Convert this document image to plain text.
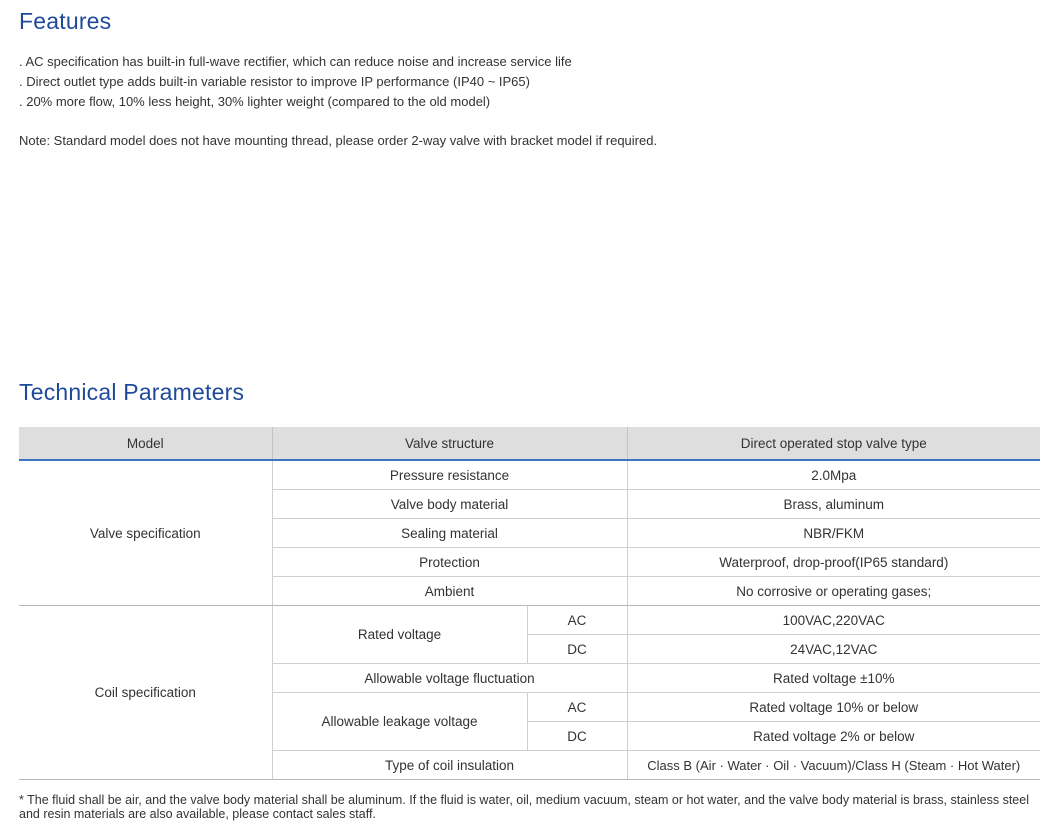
Features
. AC specification has built-in full-wave rectifier, which can reduce noise and increase service life
. Direct outlet type adds built-in variable resistor to improve IP performance (IP40 ~ IP65)
. 20% more flow, 10% less height, 30% lighter weight (compared to the old model)

Note: Standard model does not have mounting thread, please order 2-way valve with bracket model if required.

Technical Parameters
Model	Valve structure		Direct operated stop valve type
Valve specification	Pressure resistance		2.0Mpa
	Valve body material		Brass, aluminum
	Sealing material		NBR/FKM
	Protection		Waterproof, drop-proof(IP65 standard)
	Ambient		No corrosive or operating gases;
Coil specification	Rated voltage	AC	100VAC,220VAC
		DC	24VAC,12VAC
	Allowable voltage fluctuation		Rated voltage ±10%
	Allowable leakage voltage	AC	Rated voltage 10% or below
		DC	Rated voltage 2% or below
	Type of coil insulation		Class B (Air · Water · Oil · Vacuum)/Class H (Steam · Hot Water)

* The fluid shall be air, and the valve body material shall be aluminum. If the fluid is water, oil, medium vacuum, steam or hot water, and the valve body material is brass, stainless steel and resin materials are also available, please contact sales staff.
